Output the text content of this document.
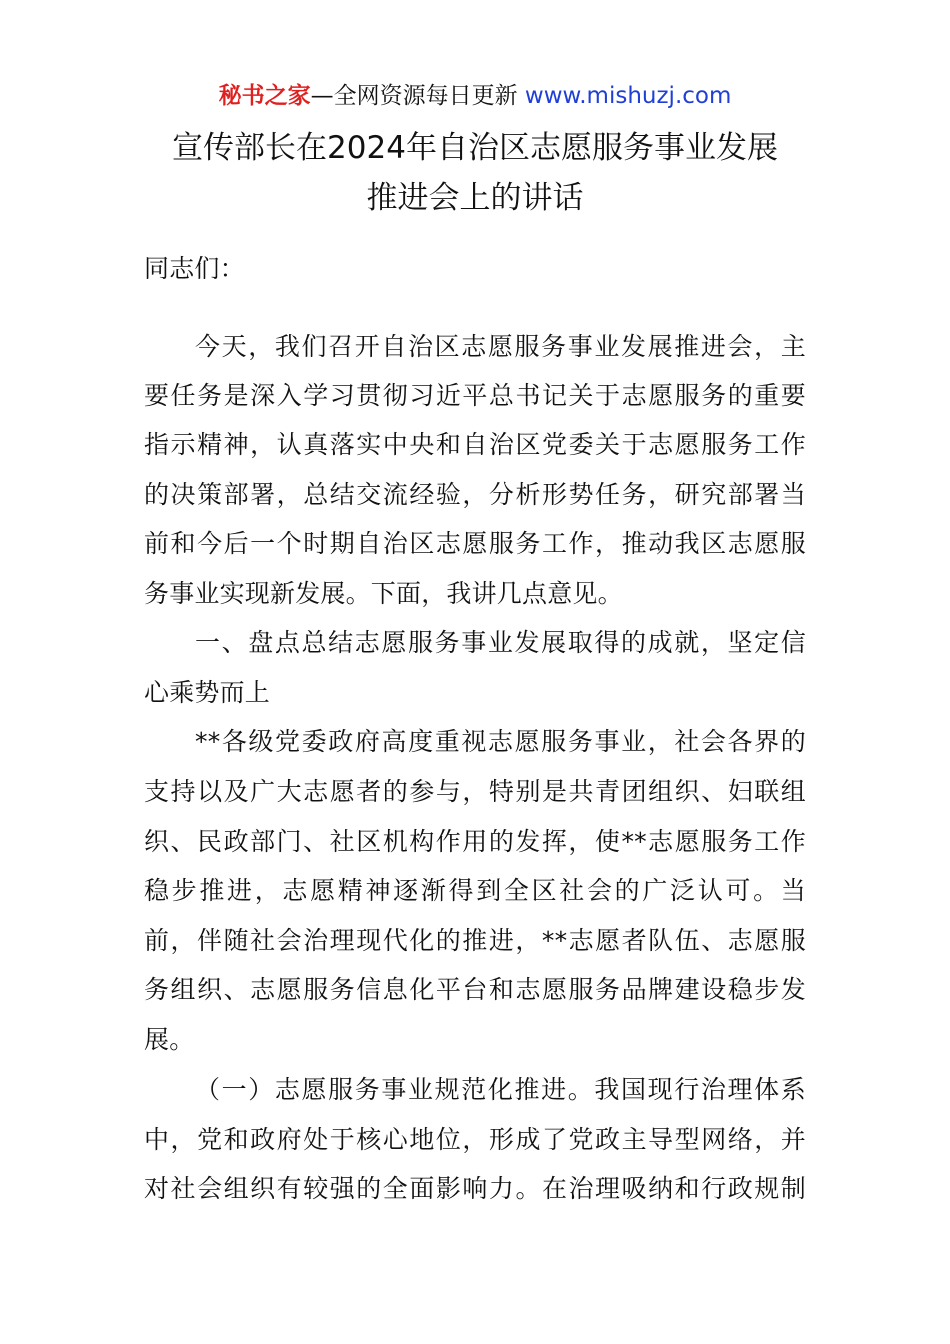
秘书之家—全网资源每日更新 www.mishuzj.com
宣传部长在2024年自治区志愿服务事业发展
推进会上的讲话
同志们：
今天，我们召开自治区志愿服务事业发展推进会，主
要任务是深入学习贯彻习近平总书记关于志愿服务的重要
指示精神，认真落实中央和自治区党委关于志愿服务工作
的决策部署，总结交流经验，分析形势任务，研究部署当
前和今后一个时期自治区志愿服务工作，推动我区志愿服
务事业实现新发展。下面，我讲几点意见。
一、盘点总结志愿服务事业发展取得的成就，坚定信
心乘势而上
**各级党委政府高度重视志愿服务事业，社会各界的
支持以及广大志愿者的参与，特别是共青团组织、妇联组
织、民政部门、社区机构作用的发挥，使**志愿服务工作
稳步推进，志愿精神逐渐得到全区社会的广泛认可。当
前，伴随社会治理现代化的推进，**志愿者队伍、志愿服
务组织、志愿服务信息化平台和志愿服务品牌建设稳步发
展。
（一）志愿服务事业规范化推进。我国现行治理体系
中，党和政府处于核心地位，形成了党政主导型网络，并
对社会组织有较强的全面影响力。在治理吸纳和行政规制
